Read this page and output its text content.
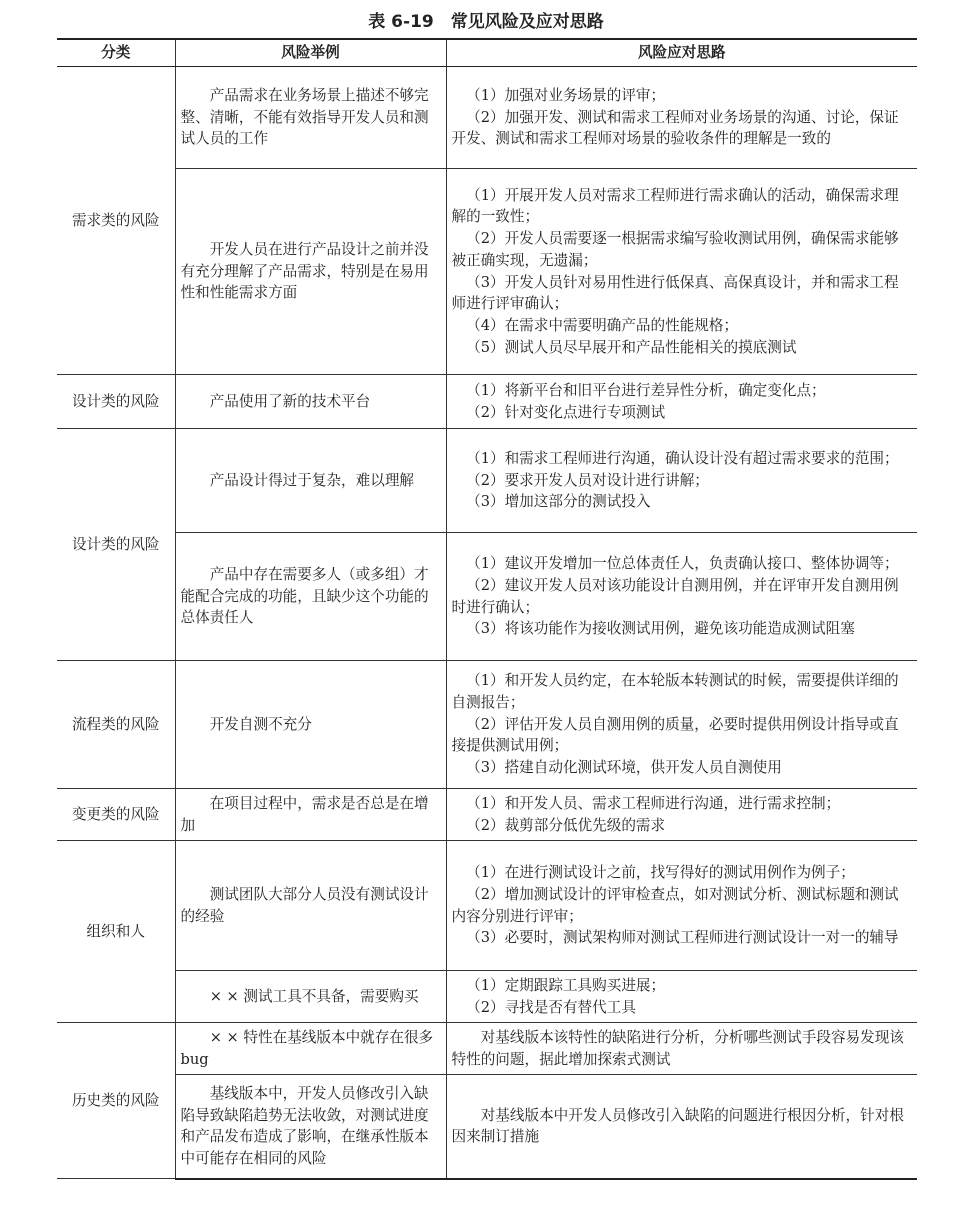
表 6-19　常见风险及应对思路
分类	风险举例	风险应对思路
需求类的风险	产品需求在业务场景上描述不够完整、清晰，不能有效指导开发人员和测试人员的工作	（1）加强对业务场景的评审；
（2）加强开发、测试和需求工程师对业务场景的沟通、讨论，保证开发、测试和需求工程师对场景的验收条件的理解是一致的

	开发人员在进行产品设计之前并没有充分理解了产品需求，特别是在易用性和性能需求方面	（1）开展开发人员对需求工程师进行需求确认的活动，确保需求理解的一致性；
（2）开发人员需要逐一根据需求编写验收测试用例，确保需求能够被正确实现，无遗漏；
（3）开发人员针对易用性进行低保真、高保真设计，并和需求工程师进行评审确认；
（4）在需求中需要明确产品的性能规格；
（5）测试人员尽早展开和产品性能相关的摸底测试

设计类的风险	产品使用了新的技术平台	（1）将新平台和旧平台进行差异性分析，确定变化点；
（2）针对变化点进行专项测试

设计类的风险	产品设计得过于复杂，难以理解	（1）和需求工程师进行沟通，确认设计没有超过需求要求的范围；
（2）要求开发人员对设计进行讲解；
（3）增加这部分的测试投入

	产品中存在需要多人（或多组）才能配合完成的功能，且缺少这个功能的总体责任人	（1）建议开发增加一位总体责任人，负责确认接口、整体协调等；
（2）建议开发人员对该功能设计自测用例，并在评审开发自测用例时进行确认；
（3）将该功能作为接收测试用例，避免该功能造成测试阻塞

流程类的风险	开发自测不充分	（1）和开发人员约定，在本轮版本转测试的时候，需要提供详细的自测报告；
（2）评估开发人员自测用例的质量，必要时提供用例设计指导或直接提供测试用例；
（3）搭建自动化测试环境，供开发人员自测使用

变更类的风险	在项目过程中，需求是否总是在增加	（1）和开发人员、需求工程师进行沟通，进行需求控制；
（2）裁剪部分低优先级的需求

组织和人	测试团队大部分人员没有测试设计的经验	（1）在进行测试设计之前，找写得好的测试用例作为例子；
（2）增加测试设计的评审检查点，如对测试分析、测试标题和测试内容分别进行评审；
（3）必要时，测试架构师对测试工程师进行测试设计一对一的辅导

	× × 测试工具不具备，需要购买	（1）定期跟踪工具购买进展；
（2）寻找是否有替代工具

历史类的风险	× × 特性在基线版本中就存在很多 bug	对基线版本该特性的缺陷进行分析，分析哪些测试手段容易发现该特性的问题，据此增加探索式测试

	基线版本中，开发人员修改引入缺陷导致缺陷趋势无法收敛，对测试进度和产品发布造成了影响，在继承性版本中可能存在相同的风险	对基线版本中开发人员修改引入缺陷的问题进行根因分析，针对根因来制订措施
